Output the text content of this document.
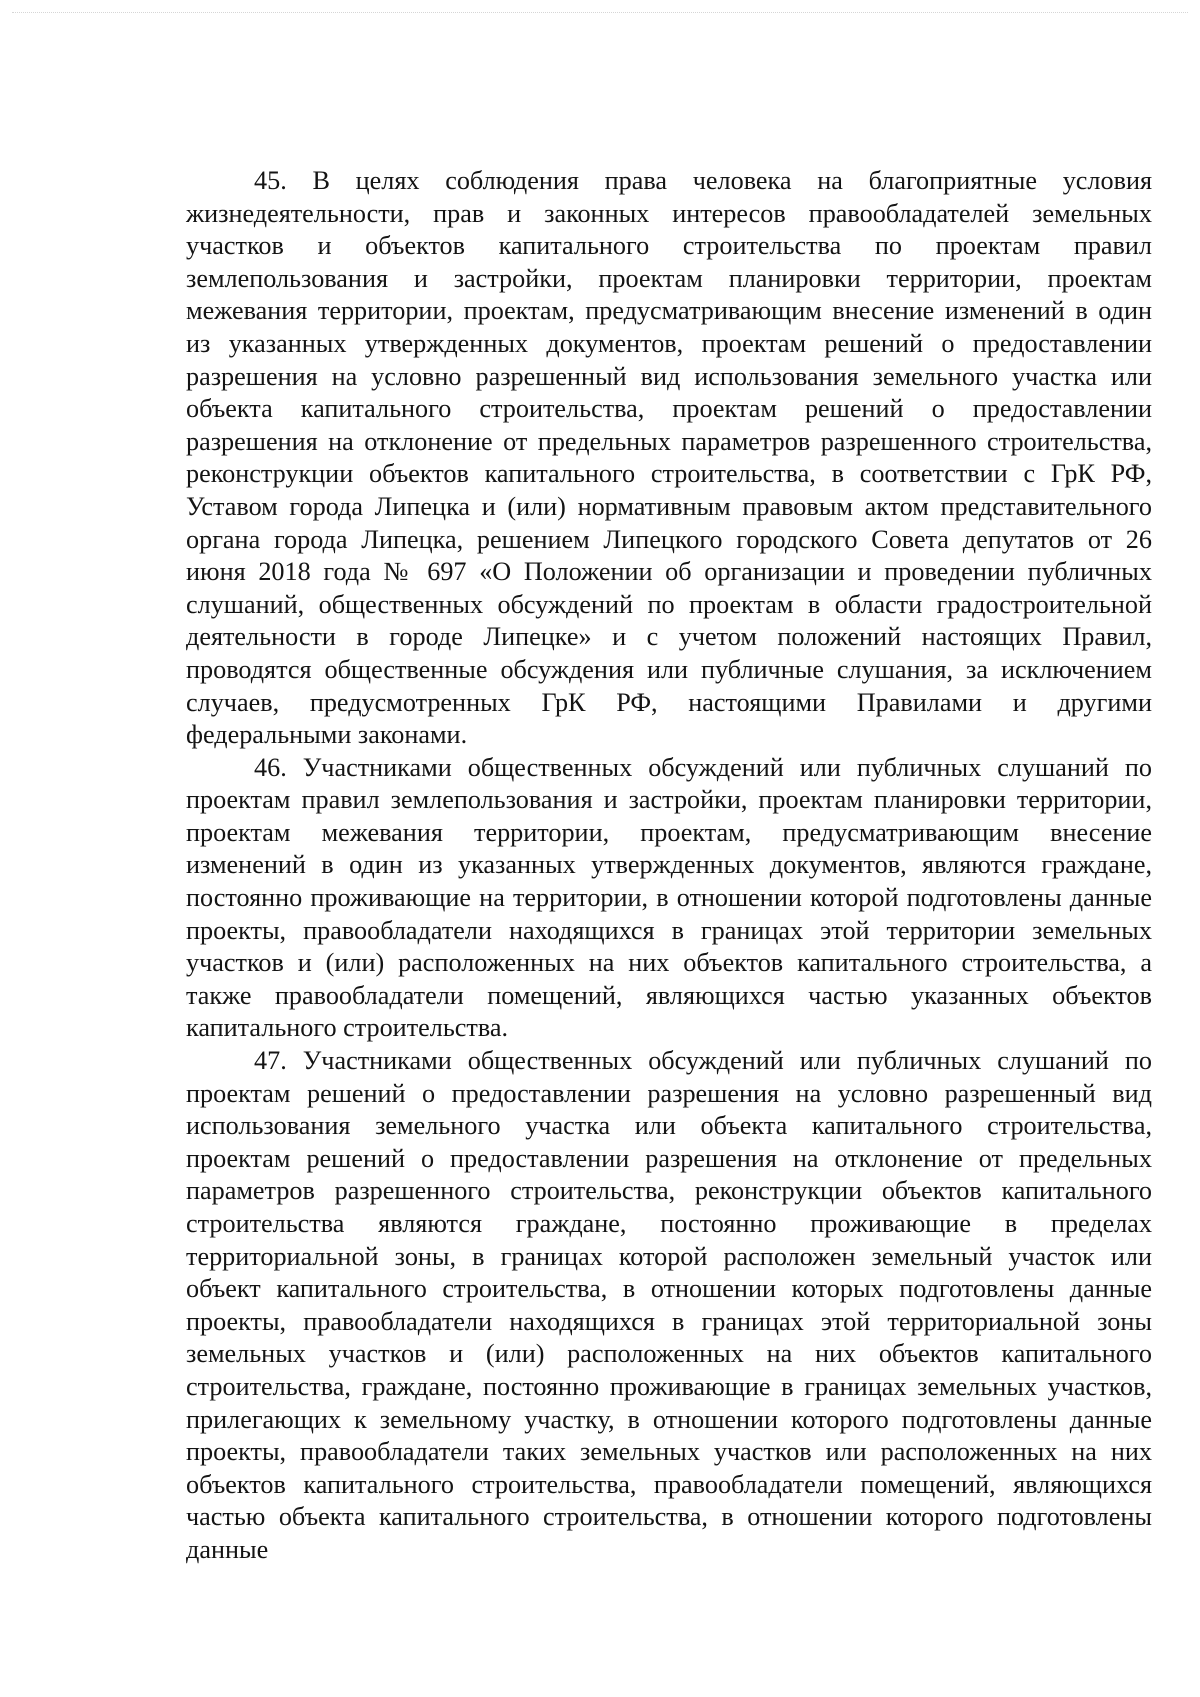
45. В целях соблюдения права человека на благоприятные условия жизнедеятельности, прав и законных интересов правообладателей земельных участков и объектов капитального строительства по проектам правил землепользования и застройки, проектам планировки территории, проектам межевания территории, проектам, предусматривающим внесение изменений в один из указанных утвержденных документов, проектам решений о предоставлении разрешения на условно разрешенный вид использования земельного участка или объекта капитального строительства, проектам решений о предоставлении разрешения на отклонение от предельных параметров разрешенного строительства, реконструкции объектов капитального строительства, в соответствии с ГрК РФ, Уставом города Липецка и (или) нормативным правовым актом представительного органа города Липецка, решением Липецкого городского Совета депутатов от 26 июня 2018 года № 697 «О Положении об организации и проведении публичных слушаний, общественных обсуждений по проектам в области градостроительной деятельности в городе Липецке» и с учетом положений настоящих Правил, проводятся общественные обсуждения или публичные слушания, за исключением случаев, предусмотренных ГрК РФ, настоящими Правилами и другими федеральными законами.

46. Участниками общественных обсуждений или публичных слушаний по проектам правил землепользования и застройки, проектам планировки территории, проектам межевания территории, проектам, предусматривающим внесение изменений в один из указанных утвержденных документов, являются граждане, постоянно проживающие на территории, в отношении которой подготовлены данные проекты, правообладатели находящихся в границах этой территории земельных участков и (или) расположенных на них объектов капитального строительства, а также правообладатели помещений, являющихся частью указанных объектов капитального строительства.

47. Участниками общественных обсуждений или публичных слушаний по проектам решений о предоставлении разрешения на условно разрешенный вид использования земельного участка или объекта капитального строительства, проектам решений о предоставлении разрешения на отклонение от предельных параметров разрешенного строительства, реконструкции объектов капитального строительства являются граждане, постоянно проживающие в пределах территориальной зоны, в границах которой расположен земельный участок или объект капитального строительства, в отношении которых подготовлены данные проекты, правообладатели находящихся в границах этой территориальной зоны земельных участков и (или) расположенных на них объектов капитального строительства, граждане, постоянно проживающие в границах земельных участков, прилегающих к земельному участку, в отношении которого подготовлены данные проекты, правообладатели таких земельных участков или расположенных на них объектов капитального строительства, правообладатели помещений, являющихся частью объекта капитального строительства, в отношении которого подготовлены данные
